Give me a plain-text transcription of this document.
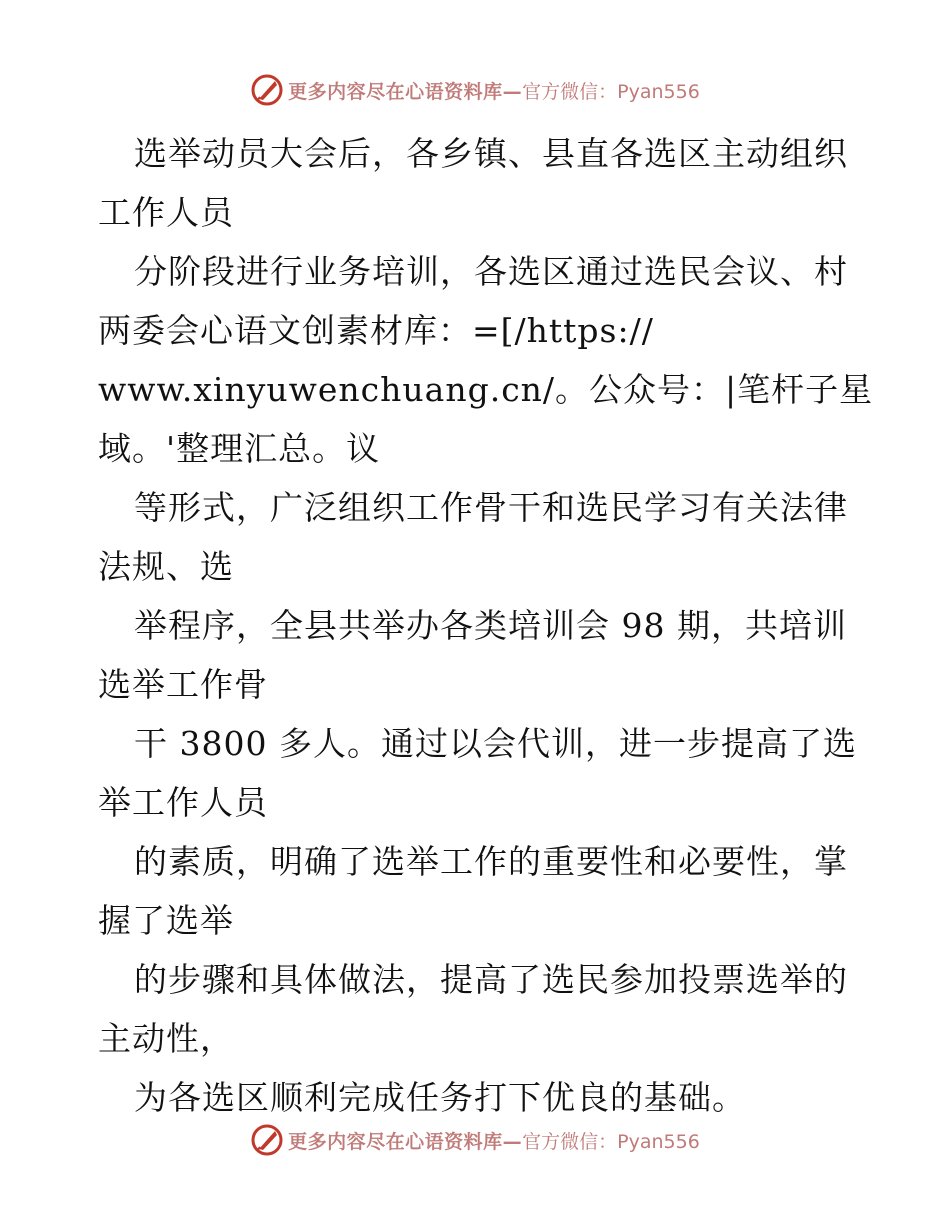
更多内容尽在心语资料库— 官方微信：Pyan556
选举动员大会后，各乡镇、县直各选区主动组织
工作人员
分阶段进行业务培训，各选区通过选民会议、村
两委会心语文创素材库：=[/https://
www.xinyuwenchuang.cn/。公众号：|笔杆子星
域。'整理汇总。议
等形式，广泛组织工作骨干和选民学习有关法律
法规、选
举程序，全县共举办各类培训会 98 期，共培训
选举工作骨
干 3800 多人。通过以会代训，进一步提高了选
举工作人员
的素质，明确了选举工作的重要性和必要性，掌
握了选举
的步骤和具体做法，提高了选民参加投票选举的
主动性，
为各选区顺利完成任务打下优良的基础。
更多内容尽在心语资料库— 官方微信：Pyan556
